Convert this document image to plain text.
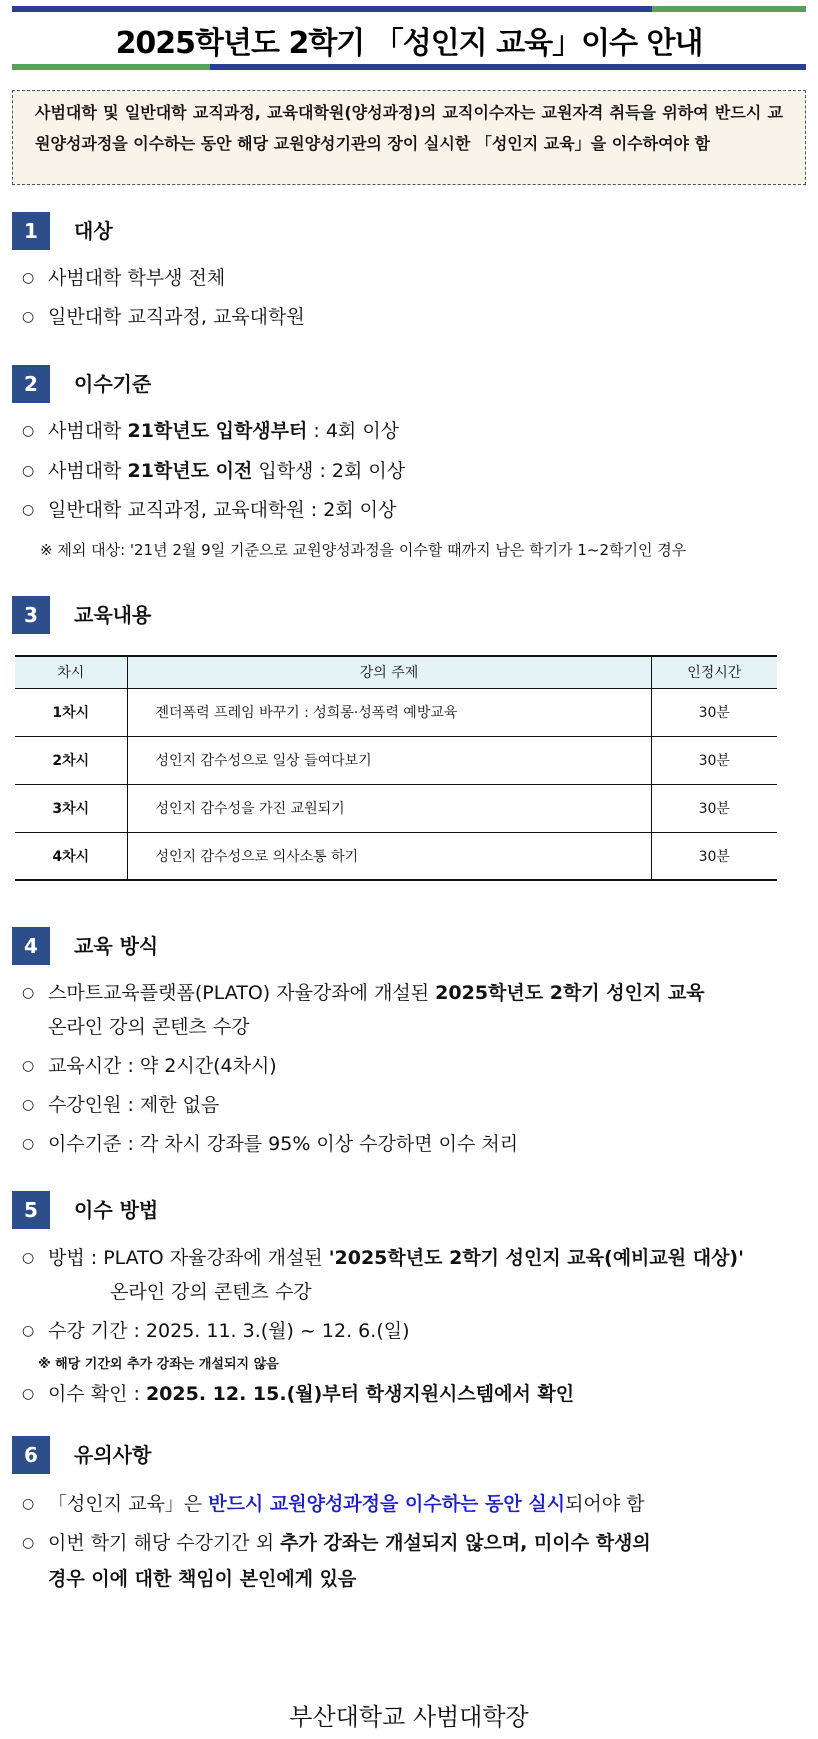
2025학년도 2학기 「성인지 교육」이수 안내
사범대학 및 일반대학 교직과정, 교육대학원(양성과정)의 교직이수자는 교원자격 취득을 위하여 반드시 교원양성과정을 이수하는 동안 해당 교원양성기관의 장이 실시한 「성인지 교육」을 이수하여야 함
1	대상
○ 사범대학 학부생 전체
○ 일반대학 교직과정, 교육대학원
2	이수기준
○ 사범대학 21학년도 입학생부터 : 4회 이상
○ 사범대학 21학년도 이전 입학생 : 2회 이상
○ 일반대학 교직과정, 교육대학원 : 2회 이상
※ 제외 대상: '21년 2월 9일 기준으로 교원양성과정을 이수할 때까지 남은 학기가 1~2학기인 경우
3	교육내용
차시	강의 주제	인정시간
1차시	젠더폭력 프레임 바꾸기 : 성희롱·성폭력 예방교육	30분
2차시	성인지 감수성으로 일상 들여다보기	30분
3차시	성인지 감수성을 가진 교원되기	30분
4차시	성인지 감수성으로 의사소통 하기	30분
4	교육 방식
○ 스마트교육플랫폼(PLATO) 자율강좌에 개설된 2025학년도 2학기 성인지 교육
온라인 강의 콘텐츠 수강
○ 교육시간 : 약 2시간(4차시)
○ 수강인원 : 제한 없음
○ 이수기준 : 각 차시 강좌를 95% 이상 수강하면 이수 처리
5	이수 방법
○ 방법 : PLATO 자율강좌에 개설된 '2025학년도 2학기 성인지 교육(예비교원 대상)'
온라인 강의 콘텐츠 수강
○ 수강 기간 : 2025. 11. 3.(월) ~ 12. 6.(일)
※ 해당 기간외 추가 강좌는 개설되지 않음
○ 이수 확인 : 2025. 12. 15.(월)부터 학생지원시스템에서 확인
6	유의사항
○ 「성인지 교육」은 반드시 교원양성과정을 이수하는 동안 실시되어야 함
○ 이번 학기 해당 수강기간 외 추가 강좌는 개설되지 않으며, 미이수 학생의
경우 이에 대한 책임이 본인에게 있음
부산대학교 사범대학장
